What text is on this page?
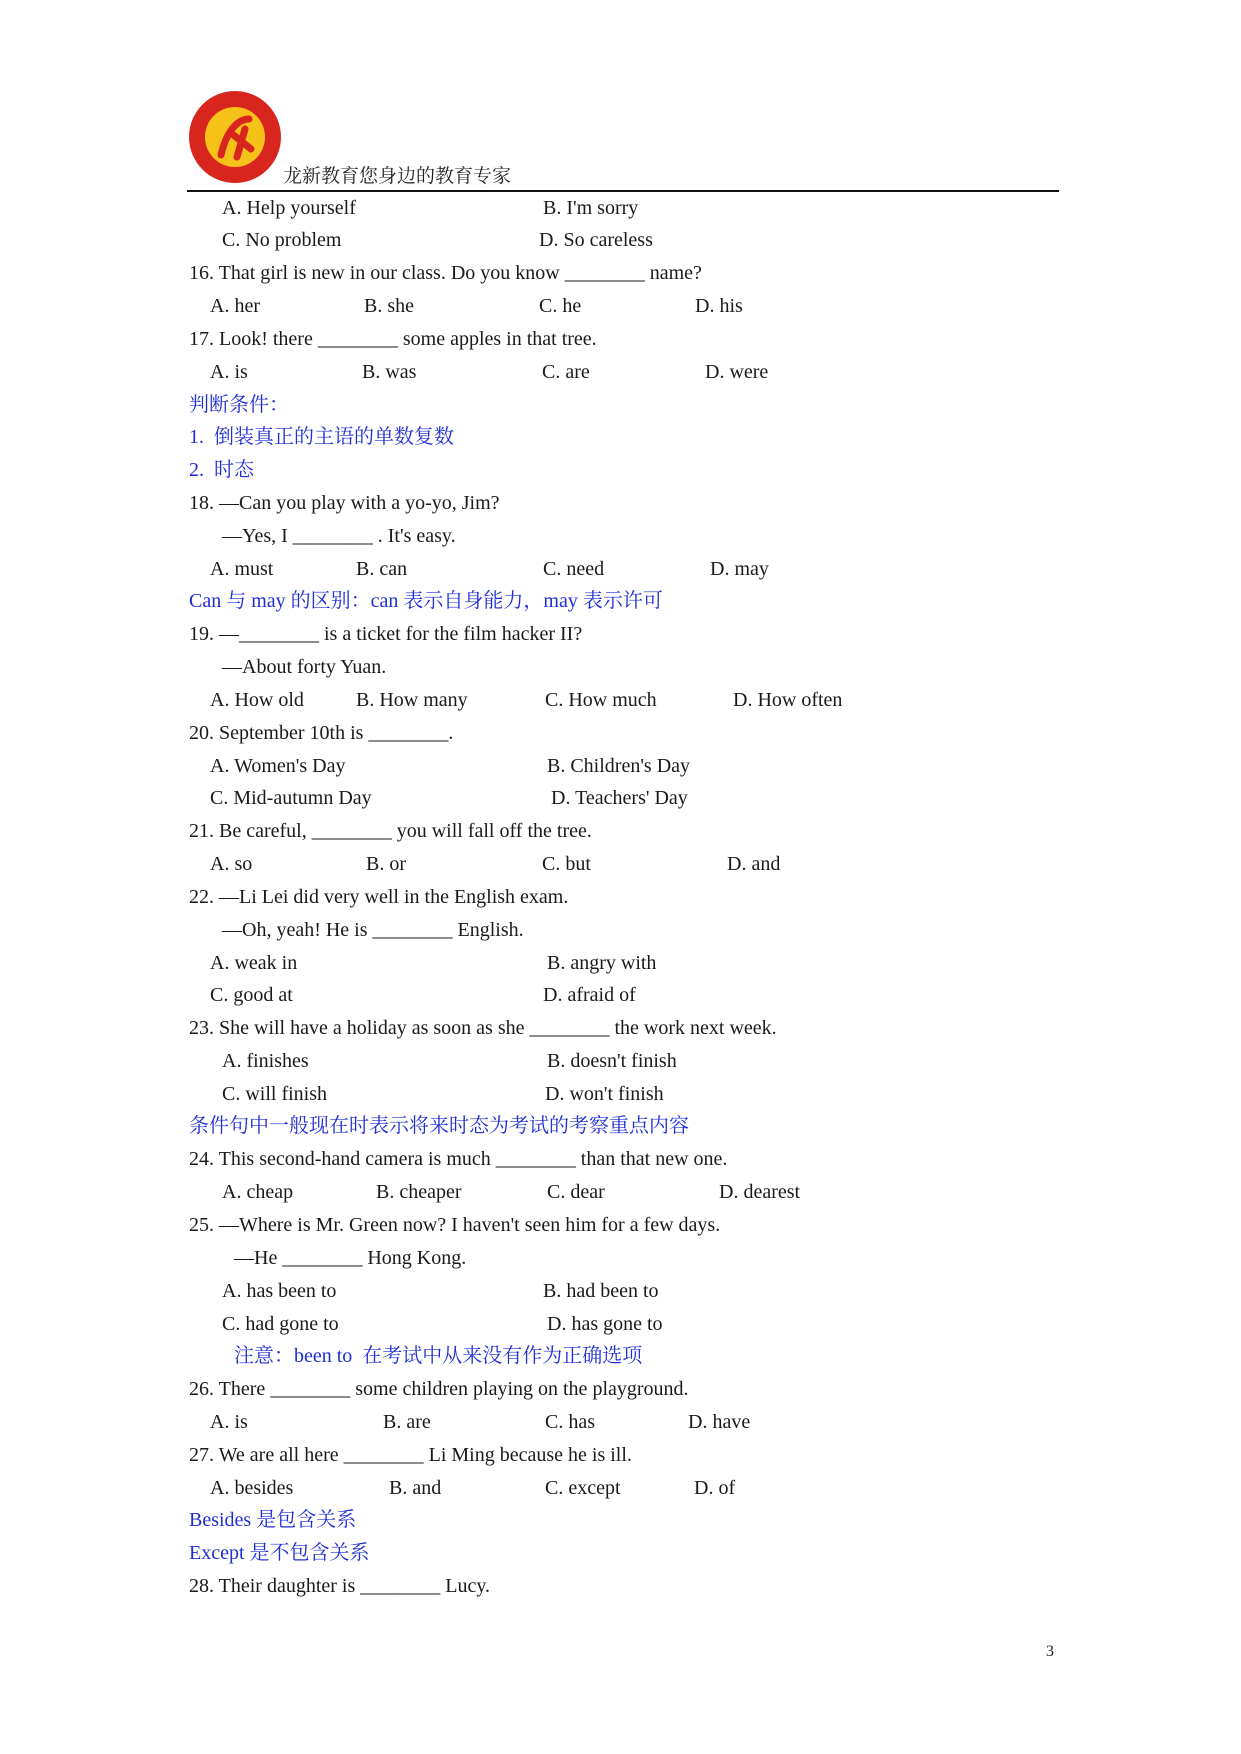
龙新教育您身边的教育专家
A. Help yourself	B. I'm sorry
C. No problem	D. So careless
16. That girl is new in our class. Do you know ________ name?
A. her	B. she	C. he	D. his
17. Look! there ________ some apples in that tree.
A. is	B. was	C. are	D. were
判断条件：
1.  倒装真正的主语的单数复数
2.  时态
18. —Can you play with a yo-yo, Jim?
—Yes, I ________ . It's easy.
A. must	B. can	C. need	D. may
Can 与 may 的区别：can 表示自身能力，may 表示许可
19. —________ is a ticket for the film hacker II?
—About forty Yuan.
A. How old	B. How many	C. How much	D. How often
20. September 10th is ________.
A. Women's Day	B. Children's Day
C. Mid-autumn Day	D. Teachers' Day
21. Be careful, ________ you will fall off the tree.
A. so	B. or	C. but	D. and
22. —Li Lei did very well in the English exam.
—Oh, yeah! He is ________ English.
A. weak in	B. angry with
C. good at	D. afraid of
23. She will have a holiday as soon as she ________ the work next week.
A. finishes	B. doesn't finish
C. will finish	D. won't finish
条件句中一般现在时表示将来时态为考试的考察重点内容
24. This second-hand camera is much ________ than that new one.
A. cheap	B. cheaper	C. dear	D. dearest
25. —Where is Mr. Green now? I haven't seen him for a few days.
—He ________ Hong Kong.
A. has been to	B. had been to
C. had gone to	D. has gone to
注意：been to  在考试中从来没有作为正确选项
26. There ________ some children playing on the playground.
A. is	B. are	C. has	D. have
27. We are all here ________ Li Ming because he is ill.
A. besides	B. and	C. except	D. of
Besides 是包含关系
Except 是不包含关系
28. Their daughter is ________ Lucy.
3
